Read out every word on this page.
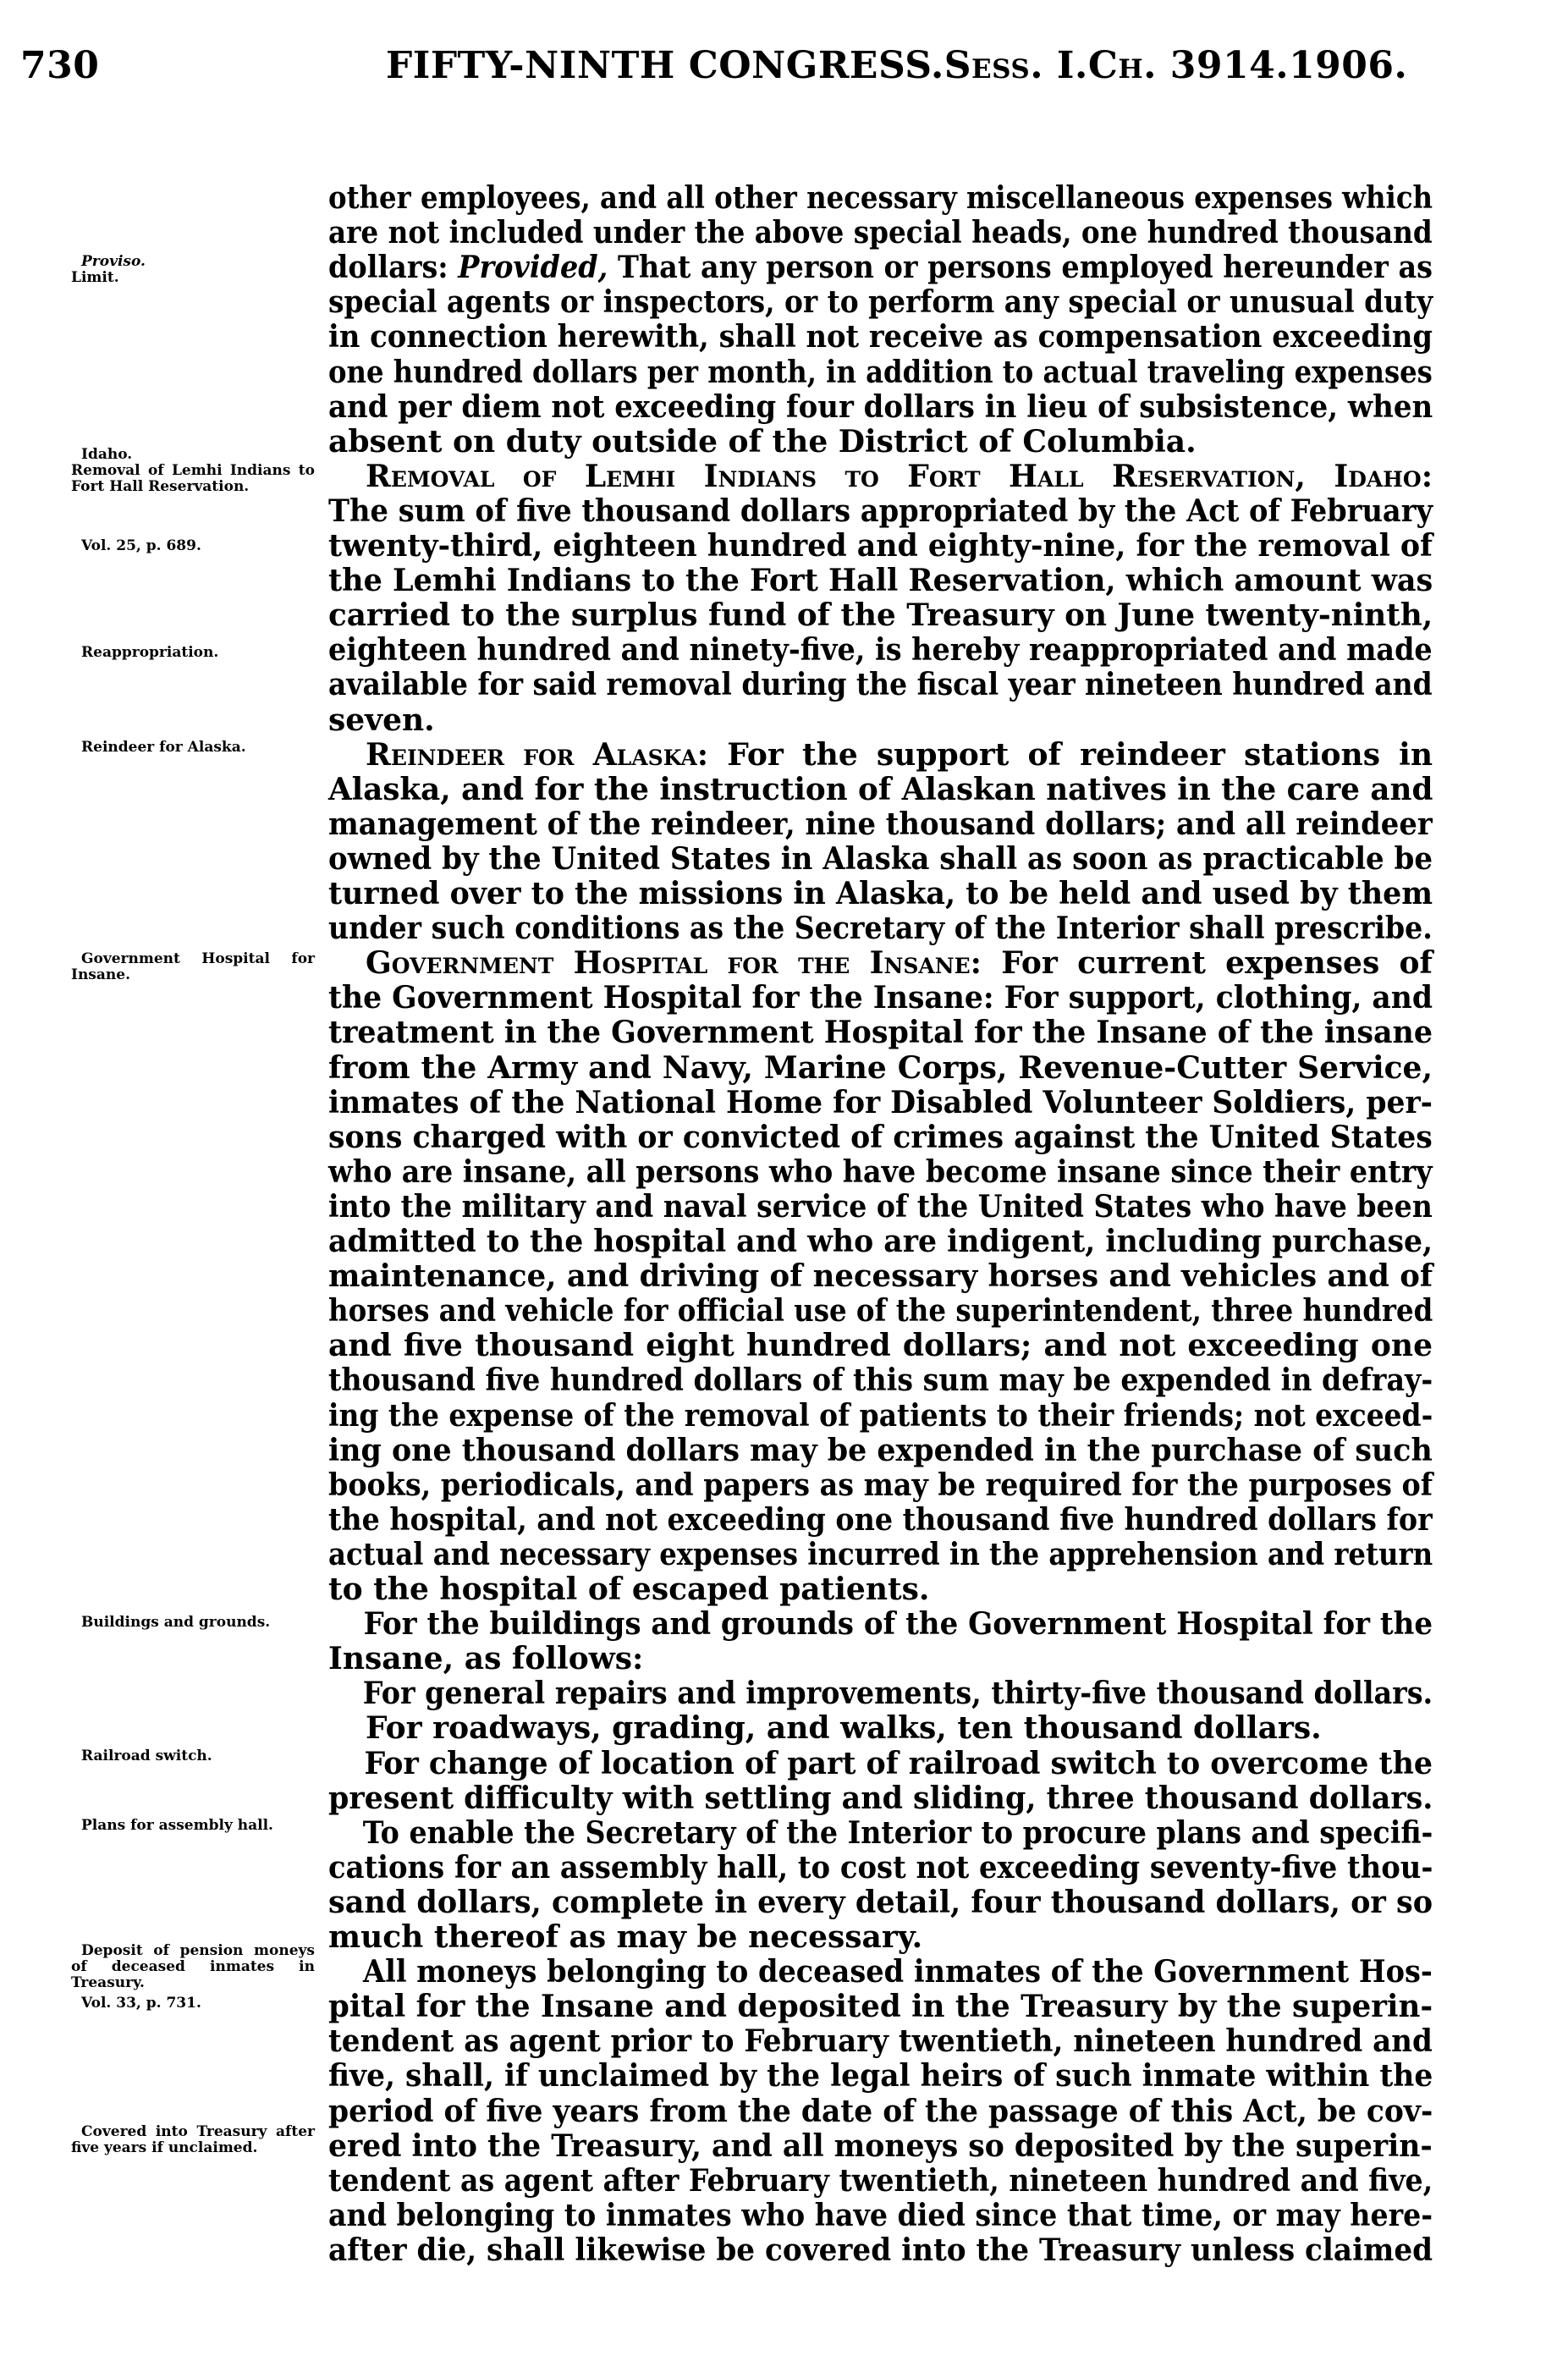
730	FIFTY-NINTH CONGRESS. Sess. I. Ch. 3914. 1906.
other employees, and all other necessary miscellaneous expenses which
are not included under the above special heads, one hundred thousand
dollars: Provided, That any person or persons employed hereunder as
special agents or inspectors, or to perform any special or unusual duty
in connection herewith, shall not receive as compensation exceeding
one hundred dollars per month, in addition to actual traveling expenses
and per diem not exceeding four dollars in lieu of subsistence, when
absent on duty outside of the District of Columbia.
Removal of Lemhi Indians to Fort Hall Reservation, Idaho:
The sum of five thousand dollars appropriated by the Act of February
twenty-third, eighteen hundred and eighty-nine, for the removal of
the Lemhi Indians to the Fort Hall Reservation, which amount was
carried to the surplus fund of the Treasury on June twenty-ninth,
eighteen hundred and ninety-five, is hereby reappropriated and made
available for said removal during the fiscal year nineteen hundred and
seven.
Reindeer for Alaska: For the support of reindeer stations in
Alaska, and for the instruction of Alaskan natives in the care and
management of the reindeer, nine thousand dollars; and all reindeer
owned by the United States in Alaska shall as soon as practicable be
turned over to the missions in Alaska, to be held and used by them
under such conditions as the Secretary of the Interior shall prescribe.
Government Hospital for the Insane: For current expenses of
the Government Hospital for the Insane: For support, clothing, and
treatment in the Government Hospital for the Insane of the insane
from the Army and Navy, Marine Corps, Revenue-Cutter Service,
inmates of the National Home for Disabled Volunteer Soldiers, per-
sons charged with or convicted of crimes against the United States
who are insane, all persons who have become insane since their entry
into the military and naval service of the United States who have been
admitted to the hospital and who are indigent, including purchase,
maintenance, and driving of necessary horses and vehicles and of
horses and vehicle for official use of the superintendent, three hundred
and five thousand eight hundred dollars; and not exceeding one
thousand five hundred dollars of this sum may be expended in defray-
ing the expense of the removal of patients to their friends; not exceed-
ing one thousand dollars may be expended in the purchase of such
books, periodicals, and papers as may be required for the purposes of
the hospital, and not exceeding one thousand five hundred dollars for
actual and necessary expenses incurred in the apprehension and return
to the hospital of escaped patients.
For the buildings and grounds of the Government Hospital for the
Insane, as follows:
For general repairs and improvements, thirty-five thousand dollars.
For roadways, grading, and walks, ten thousand dollars.
For change of location of part of railroad switch to overcome the
present difficulty with settling and sliding, three thousand dollars.
To enable the Secretary of the Interior to procure plans and specifi-
cations for an assembly hall, to cost not exceeding seventy-five thou-
sand dollars, complete in every detail, four thousand dollars, or so
much thereof as may be necessary.
All moneys belonging to deceased inmates of the Government Hos-
pital for the Insane and deposited in the Treasury by the superin-
tendent as agent prior to February twentieth, nineteen hundred and
five, shall, if unclaimed by the legal heirs of such inmate within the
period of five years from the date of the passage of this Act, be cov-
ered into the Treasury, and all moneys so deposited by the superin-
tendent as agent after February twentieth, nineteen hundred and five,
and belonging to inmates who have died since that time, or may here-
after die, shall likewise be covered into the Treasury unless claimed
Proviso.
Limit.
Idaho.
Removal of Lemhi Indians to Fort Hall Reservation.
Vol. 25, p. 689.
Reappropriation.
Reindeer for Alaska.
Government Hospital for Insane.
Buildings and grounds.
Railroad switch.
Plans for assembly hall.
Deposit of pension moneys of deceased inmates in Treasury.
Vol. 33, p. 731.
Covered into Treasury after five years if unclaimed.
